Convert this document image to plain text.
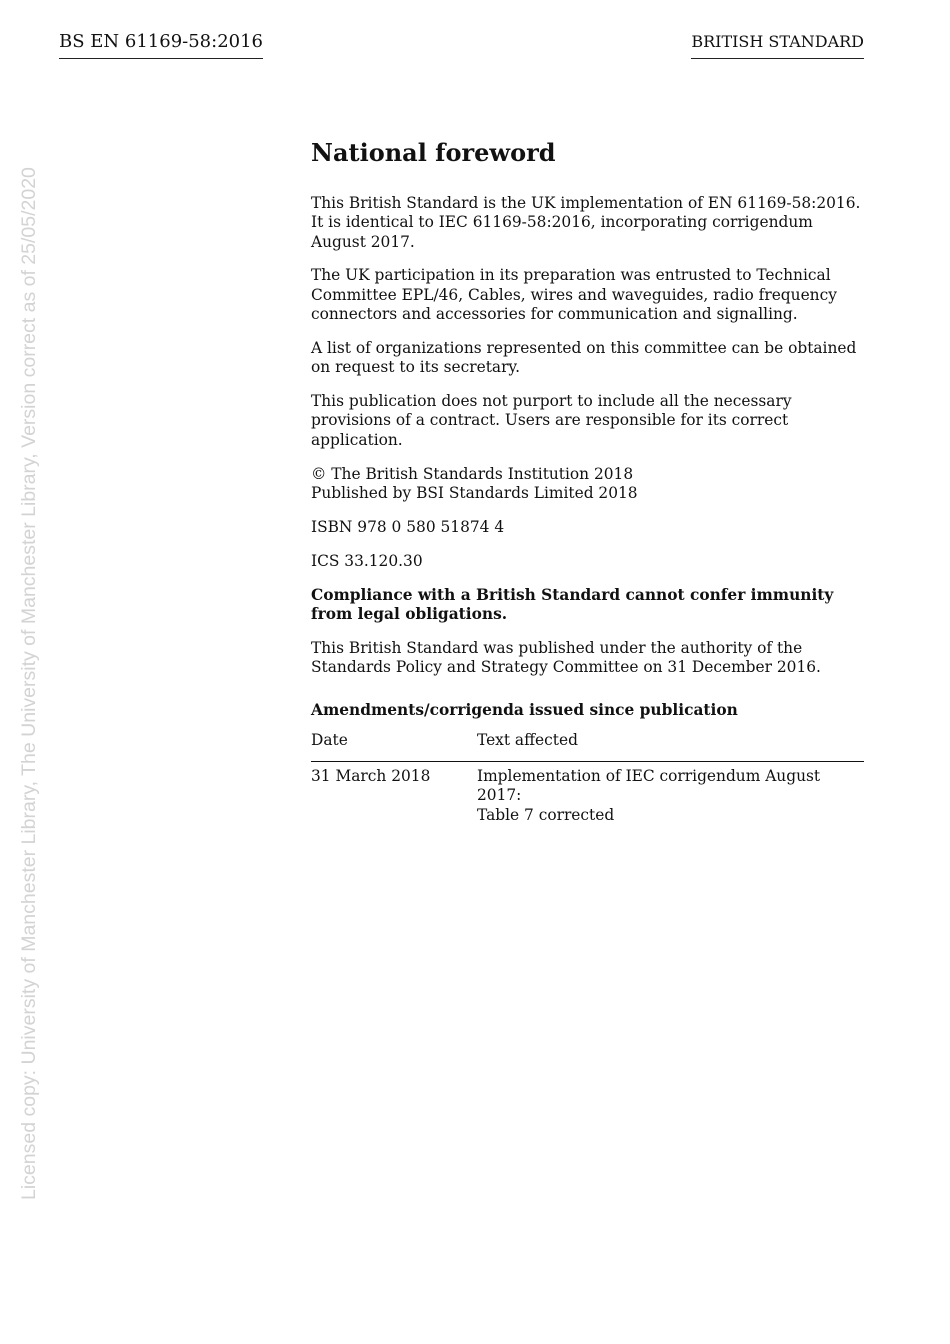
BS EN 61169-58:2016	BRITISH STANDARD
Licensed copy: University of Manchester Library, The University of Manchester Library, Version correct as of 25/05/2020
National foreword

This British Standard is the UK implementation of EN 61169-58:2016.
It is identical to IEC 61169-58:2016, incorporating corrigendum
August 2017.

The UK participation in its preparation was entrusted to Technical Committee EPL/46, Cables, wires and waveguides, radio frequency connectors and accessories for communication and signalling.

A list of organizations represented on this committee can be obtained on request to its secretary.

This publication does not purport to include all the necessary provisions of a contract. Users are responsible for its correct application.

© The British Standards Institution 2018
Published by BSI Standards Limited 2018

ISBN 978 0 580 51874 4

ICS 33.120.30

Compliance with a British Standard cannot confer immunity from legal obligations.

This British Standard was published under the authority of the Standards Policy and Strategy Committee on 31 December 2016.

Amendments/corrigenda issued since publication
Date	Text affected
31 March 2018	Implementation of IEC corrigendum August 2017:
Table 7 corrected
